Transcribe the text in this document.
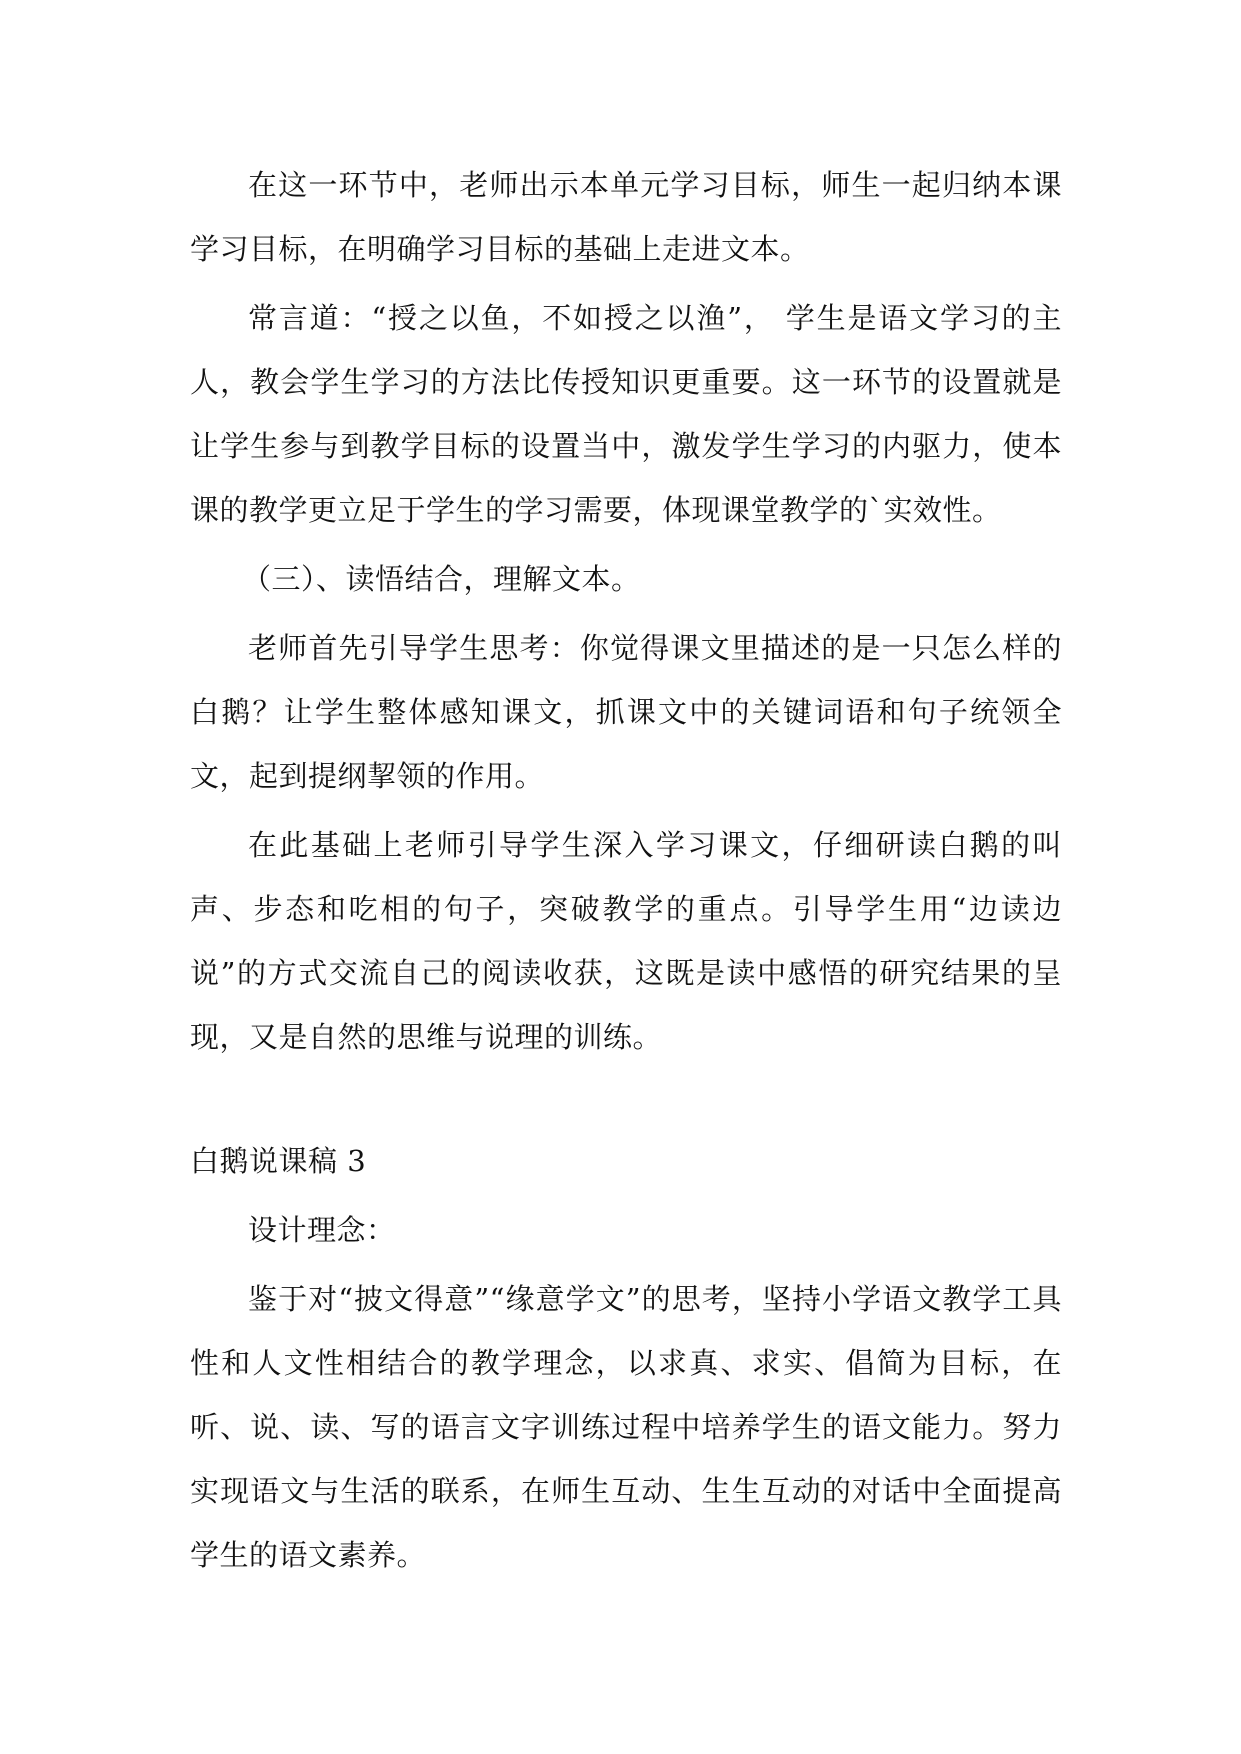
在这一环节中，老师出示本单元学习目标，师生一起归纳本课学习目标，在明确学习目标的基础上走进文本。

常言道：“授之以鱼，不如授之以渔”， 学生是语文学习的主人，教会学生学习的方法比传授知识更重要。这一环节的设置就是让学生参与到教学目标的设置当中，激发学生学习的内驱力，使本课的教学更立足于学生的学习需要，体现课堂教学的`实效性。

（三）、读悟结合，理解文本。

老师首先引导学生思考：你觉得课文里描述的是一只怎么样的白鹅？让学生整体感知课文，抓课文中的关键词语和句子统领全文，起到提纲挈领的作用。

在此基础上老师引导学生深入学习课文，仔细研读白鹅的叫声、步态和吃相的句子，突破教学的重点。引导学生用“边读边说”的方式交流自己的阅读收获，这既是读中感悟的研究结果的呈现，又是自然的思维与说理的训练。

白鹅说课稿 3

设计理念：

鉴于对“披文得意”“缘意学文”的思考，坚持小学语文教学工具性和人文性相结合的教学理念，以求真、求实、倡简为目标，在听、说、读、写的语言文字训练过程中培养学生的语文能力。努力实现语文与生活的联系，在师生互动、生生互动的对话中全面提高学生的语文素养。
